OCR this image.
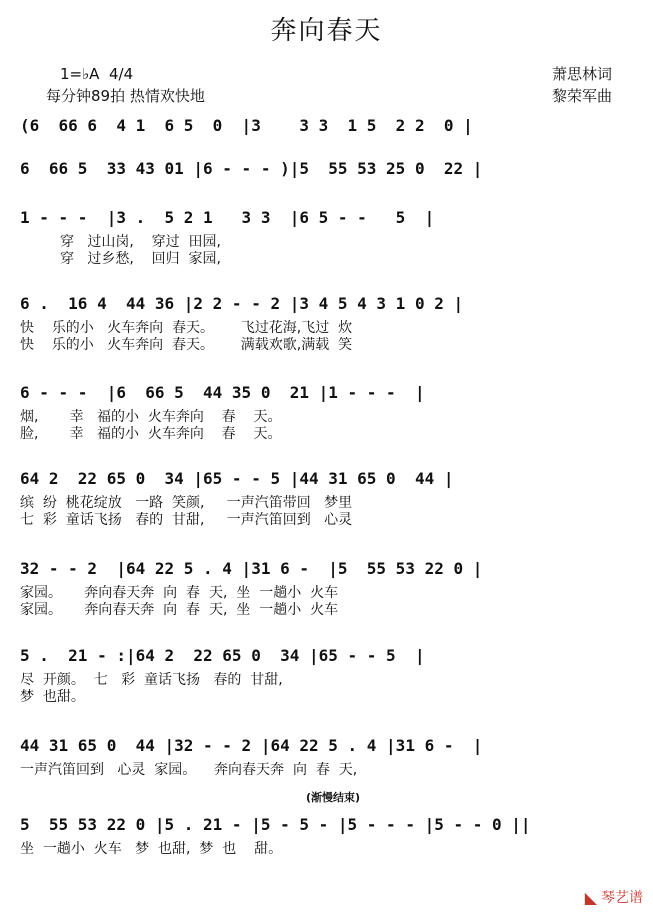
奔向春天
1=♭A  4/4
每分钟89拍 热情欢快地
萧思林词
黎荣军曲
(6  66 6  4 1  6 5  0  |3    3 3  1 5  2 2  0 |
6  66 5  33 43 01 |6 - - - )|5  55 53 25 0  22 |
1 - - -  |3 .  5 2 1   3 3  |6 5 - -   5  |
穿   过山岗,    穿过  田园,
穿   过乡愁,    回归  家园,
6 .  16 4  44 36 |2 2 - - 2 |3 4 5 4 3 1 0 2 |
快    乐的小   火车奔向  春天。      飞过花海,飞过  炊
快    乐的小   火车奔向  春天。      满载欢歌,满载  笑
6 - - -  |6  66 5  44 35 0  21 |1 - - -  |
烟,       幸   福的小  火车奔向    春    天。
脸,       幸   福的小  火车奔向    春    天。
64 2  22 65 0  34 |65 - - 5 |44 31 65 0  44 |
缤  纷  桃花绽放   一路  笑颜,     一声汽笛带回   梦里
七  彩  童话飞扬   春的  甘甜,     一声汽笛回到   心灵
32 - - 2  |64 22 5 . 4 |31 6 -  |5  55 53 22 0 |
家园。     奔向春天奔  向  春  天,  坐  一趟小  火车
家园。     奔向春天奔  向  春  天,  坐  一趟小  火车
5 .  21 - :|64 2  22 65 0  34 |65 - - 5  |
尽  开颜。  七   彩  童话飞扬   春的  甘甜,
梦  也甜。
44 31 65 0  44 |32 - - 2 |64 22 5 . 4 |31 6 -  |
一声汽笛回到   心灵  家园。    奔向春天奔  向  春  天,
(渐慢结束)
5  55 53 22 0 |5 . 21 - |5 - 5 - |5 - - - |5 - - 0 ||
坐  一趟小  火车   梦  也甜,  梦  也    甜。
◣ 琴艺谱
